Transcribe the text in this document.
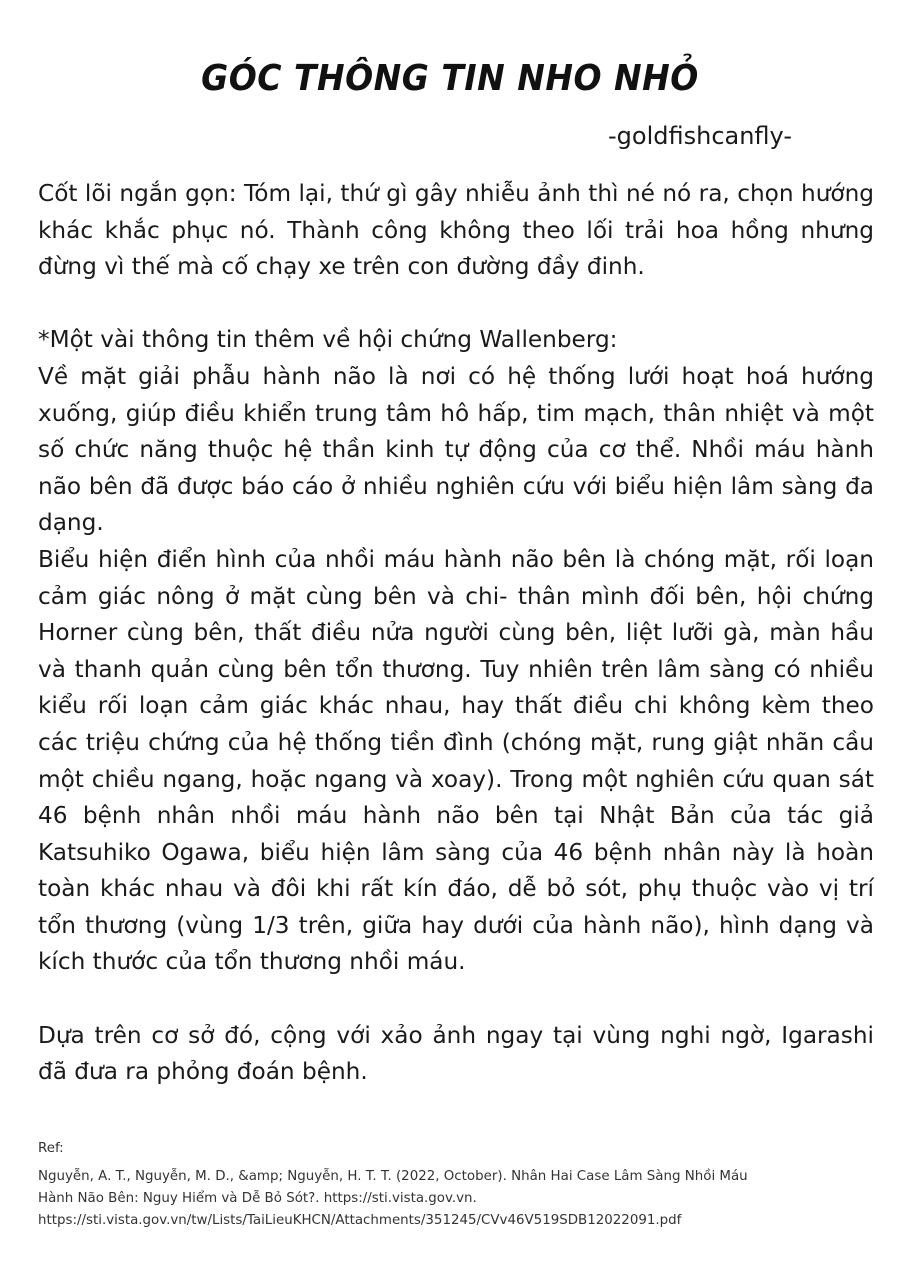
GÓC THÔNG TIN NHO NHỎ
-goldfishcanfly-

Cốt lõi ngắn gọn: Tóm lại, thứ gì gây nhiễu ảnh thì né nó ra, chọn hướng khác khắc phục nó. Thành công không theo lối trải hoa hồng nhưng đừng vì thế mà cố chạy xe trên con đường đầy đinh.

*Một vài thông tin thêm về hội chứng Wallenberg:

Về mặt giải phẫu hành não là nơi có hệ thống lưới hoạt hoá hướng xuống, giúp điều khiển trung tâm hô hấp, tim mạch, thân nhiệt và một số chức năng thuộc hệ thần kinh tự động của cơ thể. Nhồi máu hành não bên đã được báo cáo ở nhiều nghiên cứu với biểu hiện lâm sàng đa dạng.

Biểu hiện điển hình của nhồi máu hành não bên là chóng mặt, rối loạn cảm giác nông ở mặt cùng bên và chi- thân mình đối bên, hội chứng Horner cùng bên, thất điều nửa người cùng bên, liệt lưỡi gà, màn hầu và thanh quản cùng bên tổn thương. Tuy nhiên trên lâm sàng có nhiều kiểu rối loạn cảm giác khác nhau, hay thất điều chi không kèm theo các triệu chứng của hệ thống tiền đình (chóng mặt, rung giật nhãn cầu một chiều ngang, hoặc ngang và xoay). Trong một nghiên cứu quan sát 46 bệnh nhân nhồi máu hành não bên tại Nhật Bản của tác giả Katsuhiko Ogawa, biểu hiện lâm sàng của 46 bệnh nhân này là hoàn toàn khác nhau và đôi khi rất kín đáo, dễ bỏ sót, phụ thuộc vào vị trí tổn thương (vùng 1/3 trên, giữa hay dưới của hành não), hình dạng và kích thước của tổn thương nhồi máu.

Dựa trên cơ sở đó, cộng với xảo ảnh ngay tại vùng nghi ngờ, Igarashi đã đưa ra phỏng đoán bệnh.

Ref:

Nguyễn, A. T., Nguyễn, M. D., &amp; Nguyễn, H. T. T. (2022, October). Nhân Hai Case Lâm Sàng Nhồi Máu

Hành Não Bên: Nguy Hiểm và Dễ Bỏ Sót?. https://sti.vista.gov.vn.

https://sti.vista.gov.vn/tw/Lists/TaiLieuKHCN/Attachments/351245/CVv46V519SDB12022091.pdf
